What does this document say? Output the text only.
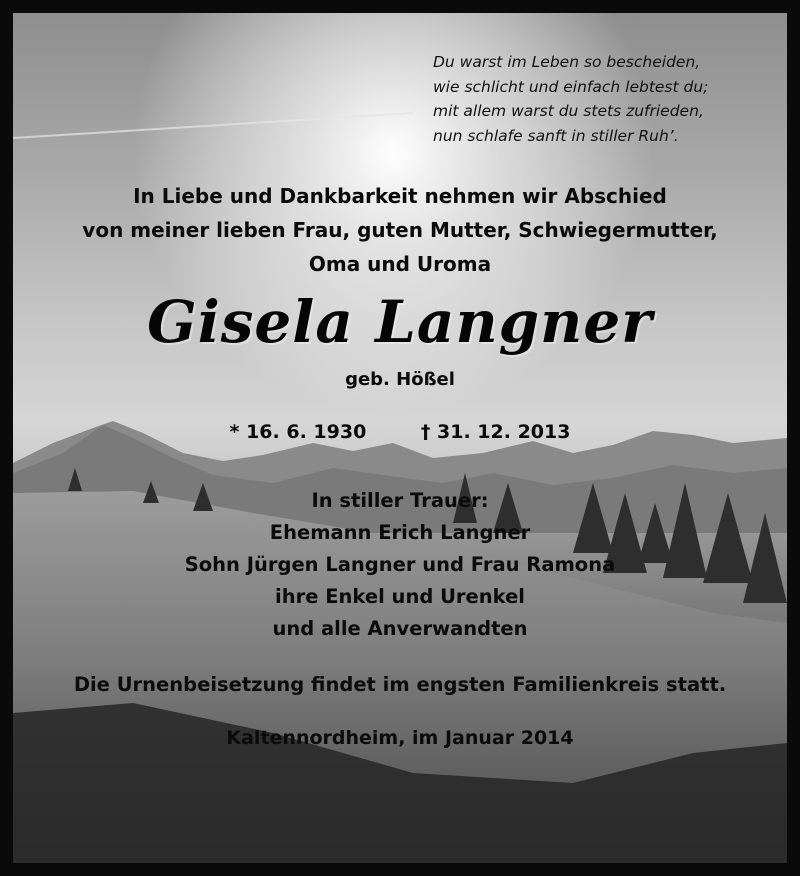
Du warst im Leben so bescheiden,
wie schlicht und einfach lebtest du;
mit allem warst du stets zufrieden,
nun schlafe sanft in stiller Ruh’.
In Liebe und Dankbarkeit nehmen wir Abschied
von meiner lieben Frau, guten Mutter, Schwiegermutter,
Oma und Uroma
Gisela Langner
geb. Hößel
* 16. 6. 1930	† 31. 12. 2013
In stiller Trauer:
Ehemann Erich Langner
Sohn Jürgen Langner und Frau Ramona
ihre Enkel und Urenkel
und alle Anverwandten
Die Urnenbeisetzung findet im engsten Familienkreis statt.
Kaltennordheim, im Januar 2014
